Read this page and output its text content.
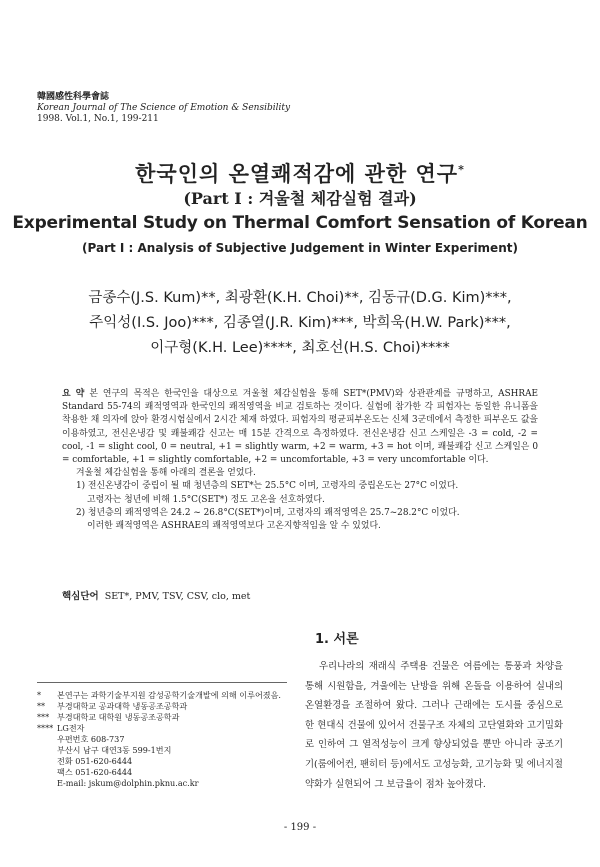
韓國感性科學會誌
Korean Journal of The Science of Emotion & Sensibility
1998. Vol.1, No.1, 199-211
한국인의 온열쾌적감에 관한 연구*
(Part I : 겨울철 체감실험 결과)
Experimental Study on Thermal Comfort Sensation of Korean
(Part I : Analysis of Subjective Judgement in Winter Experiment)
금종수(J.S. Kum)**, 최광환(K.H. Choi)**, 김동규(D.G. Kim)***,
주익성(I.S. Joo)***, 김종열(J.R. Kim)***, 박희욱(H.W. Park)***,
이구형(K.H. Lee)****, 최호선(H.S. Choi)****

요 약 본 연구의 목적은 한국인을 대상으로 겨울철 체감실험을 통해 SET*(PMV)와 상관관계를 규명하고, ASHRAE Standard 55-74의 쾌적영역과 한국인의 쾌적영역을 비교 검토하는 것이다. 실험에 참가한 각 피험자는 동일한 유니폼을 착용한 채 의자에 앉아 환경시험실에서 2시간 체재 하였다. 피험자의 평균피부온도는 신체 3군데에서 측정한 피부온도 값을 이용하였고, 전신온냉감 및 쾌불쾌감 신고는 매 15분 간격으로 측정하였다. 전신온냉감 신고 스케일은 -3 = cold, -2 = cool, -1 = slight cool, 0 = neutral, +1 = slightly warm, +2 = warm, +3 = hot 이며, 쾌불쾌감 신고 스케일은 0 = comfortable, +1 = slightly comfortable, +2 = uncomfortable, +3 = very uncomfortable 이다.

겨울철 체감실험을 통해 아래의 결론을 얻었다.

1) 전신온냉감이 중립이 될 때 청년층의 SET*는 25.5°C 이며, 고령자의 중립온도는 27°C 이었다.

고령자는 청년에 비해 1.5°C(SET*) 정도 고온을 선호하였다.

2) 청년층의 쾌적영역은 24.2 ~ 26.8°C(SET*)이며, 고령자의 쾌적영역은 25.7~28.2°C 이었다.

이러한 쾌적영역은 ASHRAE의 쾌적영역보다 고온지향적임을 알 수 있었다.

핵심단어 SET*, PMV, TSV, CSV, clo, met
1. 서론

우리나라의 재래식 주택용 건물은 여름에는 통풍과 차양을 통해 시원함을, 겨울에는 난방을 위해 온돌을 이용하여 실내의 온열환경을 조절하여 왔다. 그러나 근래에는 도시를 중심으로 한 현대식 건물에 있어서 건물구조 자체의 고단열화와 고기밀화로 인하여 그 열적성능이 크게 향상되었을 뿐만 아니라 공조기기(룸에어컨, 팬히터 등)에서도 고성능화, 고기능화 및 에너지절약화가 실현되어 그 보급율이 점차 높아졌다.

*	본연구는 과학기술부지원 감성공학기술개발에 의해 이루어졌음.
**	부경대학교 공과대학 냉동공조공학과
*** 부경대학교 대학원 냉동공조공학과
**** LG전자
우편번호 608-737
부산시 남구 대연3동 599-1번지
전화 051-620-6444
팩스 051-620-6444
E-mail: jskum@dolphin.pknu.ac.kr
- 199 -
